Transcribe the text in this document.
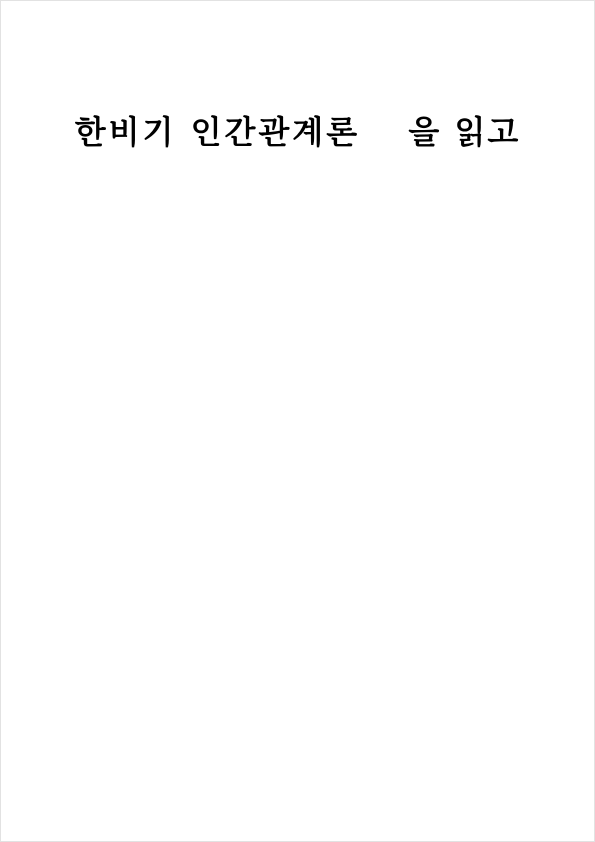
한비기 인간관계론 을 읽고
